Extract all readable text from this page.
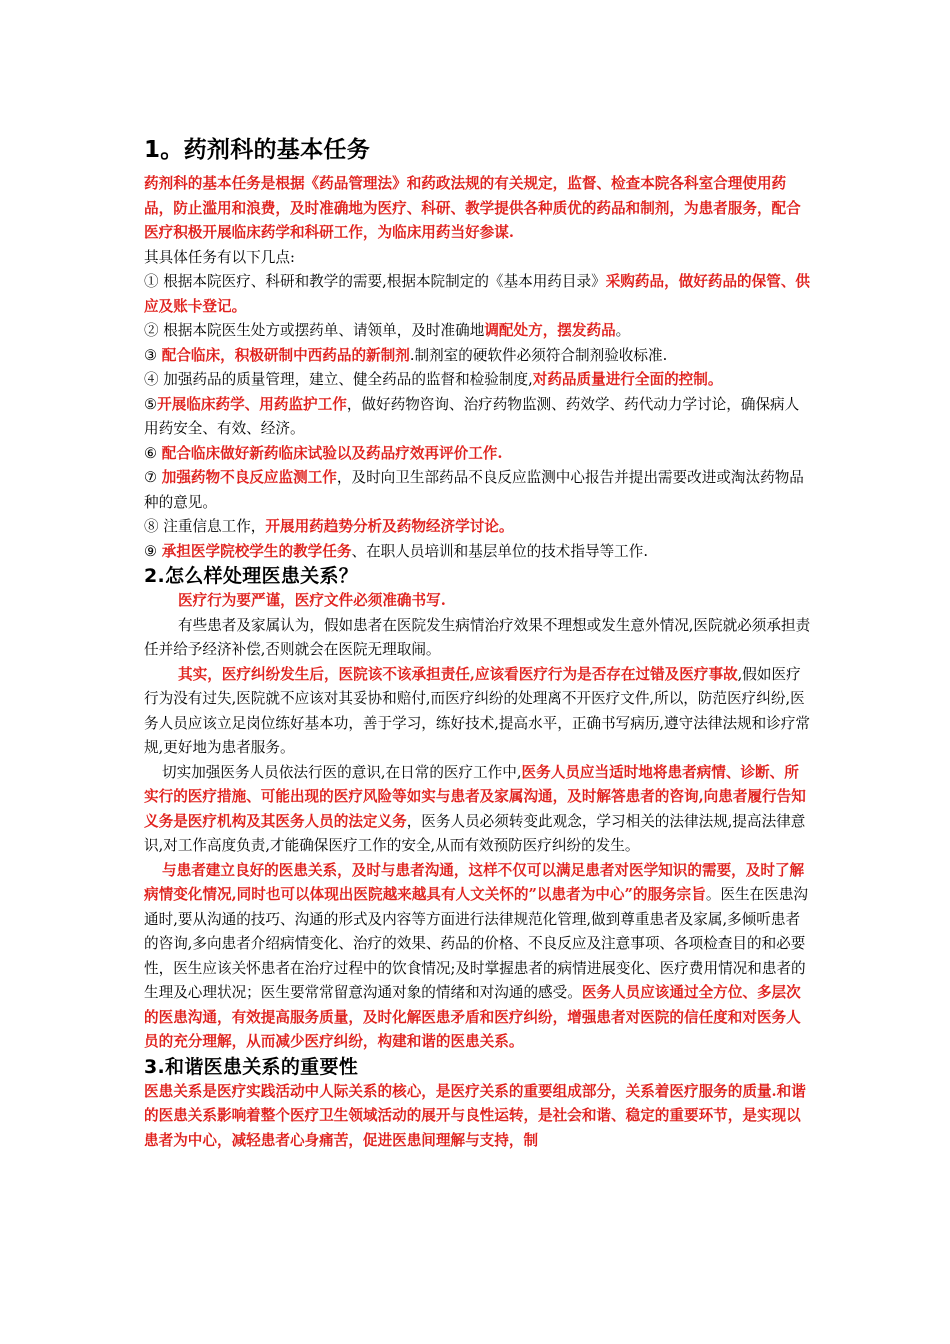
1。药剂科的基本任务

药剂科的基本任务是根据《药品管理法》和药政法规的有关规定，监督、检查本院各科室合理使用药品，防止滥用和浪费，及时准确地为医疗、科研、教学提供各种质优的药品和制剂，为患者服务，配合医疗积极开展临床药学和科研工作，为临床用药当好参谋.

其具体任务有以下几点:

① 根据本院医疗、科研和教学的需要,根据本院制定的《基本用药目录》采购药品，做好药品的保管、供应及账卡登记。

② 根据本院医生处方或摆药单、请领单，及时准确地调配处方，摆发药品。

③ 配合临床，积极研制中西药品的新制剂.制剂室的硬软件必须符合制剂验收标准.

④ 加强药品的质量管理，建立、健全药品的监督和检验制度,对药品质量进行全面的控制。

⑤开展临床药学、用药监护工作，做好药物咨询、治疗药物监测、药效学、药代动力学讨论，确保病人用药安全、有效、经济。

⑥ 配合临床做好新药临床试验以及药品疗效再评价工作.

⑦ 加强药物不良反应监测工作，及时向卫生部药品不良反应监测中心报告并提出需要改进或淘汰药物品种的意见。

⑧ 注重信息工作，开展用药趋势分析及药物经济学讨论。

⑨ 承担医学院校学生的教学任务、在职人员培训和基层单位的技术指导等工作.

2.怎么样处理医患关系？

医疗行为要严谨，医疗文件必须准确书写.

有些患者及家属认为，假如患者在医院发生病情治疗效果不理想或发生意外情况,医院就必须承担责任并给予经济补偿,否则就会在医院无理取闹。

其实，医疗纠纷发生后，医院该不该承担责任,应该看医疗行为是否存在过错及医疗事故,假如医疗行为没有过失,医院就不应该对其妥协和赔付,而医疗纠纷的处理离不开医疗文件,所以，防范医疗纠纷,医务人员应该立足岗位练好基本功，善于学习，练好技术,提高水平，正确书写病历,遵守法律法规和诊疗常规,更好地为患者服务。

切实加强医务人员依法行医的意识,在日常的医疗工作中,医务人员应当适时地将患者病情、诊断、所实行的医疗措施、可能出现的医疗风险等如实与患者及家属沟通，及时解答患者的咨询,向患者履行告知义务是医疗机构及其医务人员的法定义务，医务人员必须转变此观念，学习相关的法律法规,提高法律意识,对工作高度负责,才能确保医疗工作的安全,从而有效预防医疗纠纷的发生。

与患者建立良好的医患关系，及时与患者沟通，这样不仅可以满足患者对医学知识的需要，及时了解病情变化情况,同时也可以体现出医院越来越具有人文关怀的”以患者为中心”的服务宗旨。医生在医患沟通时,要从沟通的技巧、沟通的形式及内容等方面进行法律规范化管理,做到尊重患者及家属,多倾听患者的咨询,多向患者介绍病情变化、治疗的效果、药品的价格、不良反应及注意事项、各项检查目的和必要性，医生应该关怀患者在治疗过程中的饮食情况;及时掌握患者的病情进展变化、医疗费用情况和患者的生理及心理状况；医生要常常留意沟通对象的情绪和对沟通的感受。医务人员应该通过全方位、多层次的医患沟通，有效提高服务质量，及时化解医患矛盾和医疗纠纷，增强患者对医院的信任度和对医务人员的充分理解，从而减少医疗纠纷，构建和谐的医患关系。

3.和谐医患关系的重要性

医患关系是医疗实践活动中人际关系的核心，是医疗关系的重要组成部分，关系着医疗服务的质量.和谐的医患关系影响着整个医疗卫生领域活动的展开与良性运转，是社会和谐、稳定的重要环节，是实现以患者为中心，减轻患者心身痛苦，促进医患间理解与支持，制
